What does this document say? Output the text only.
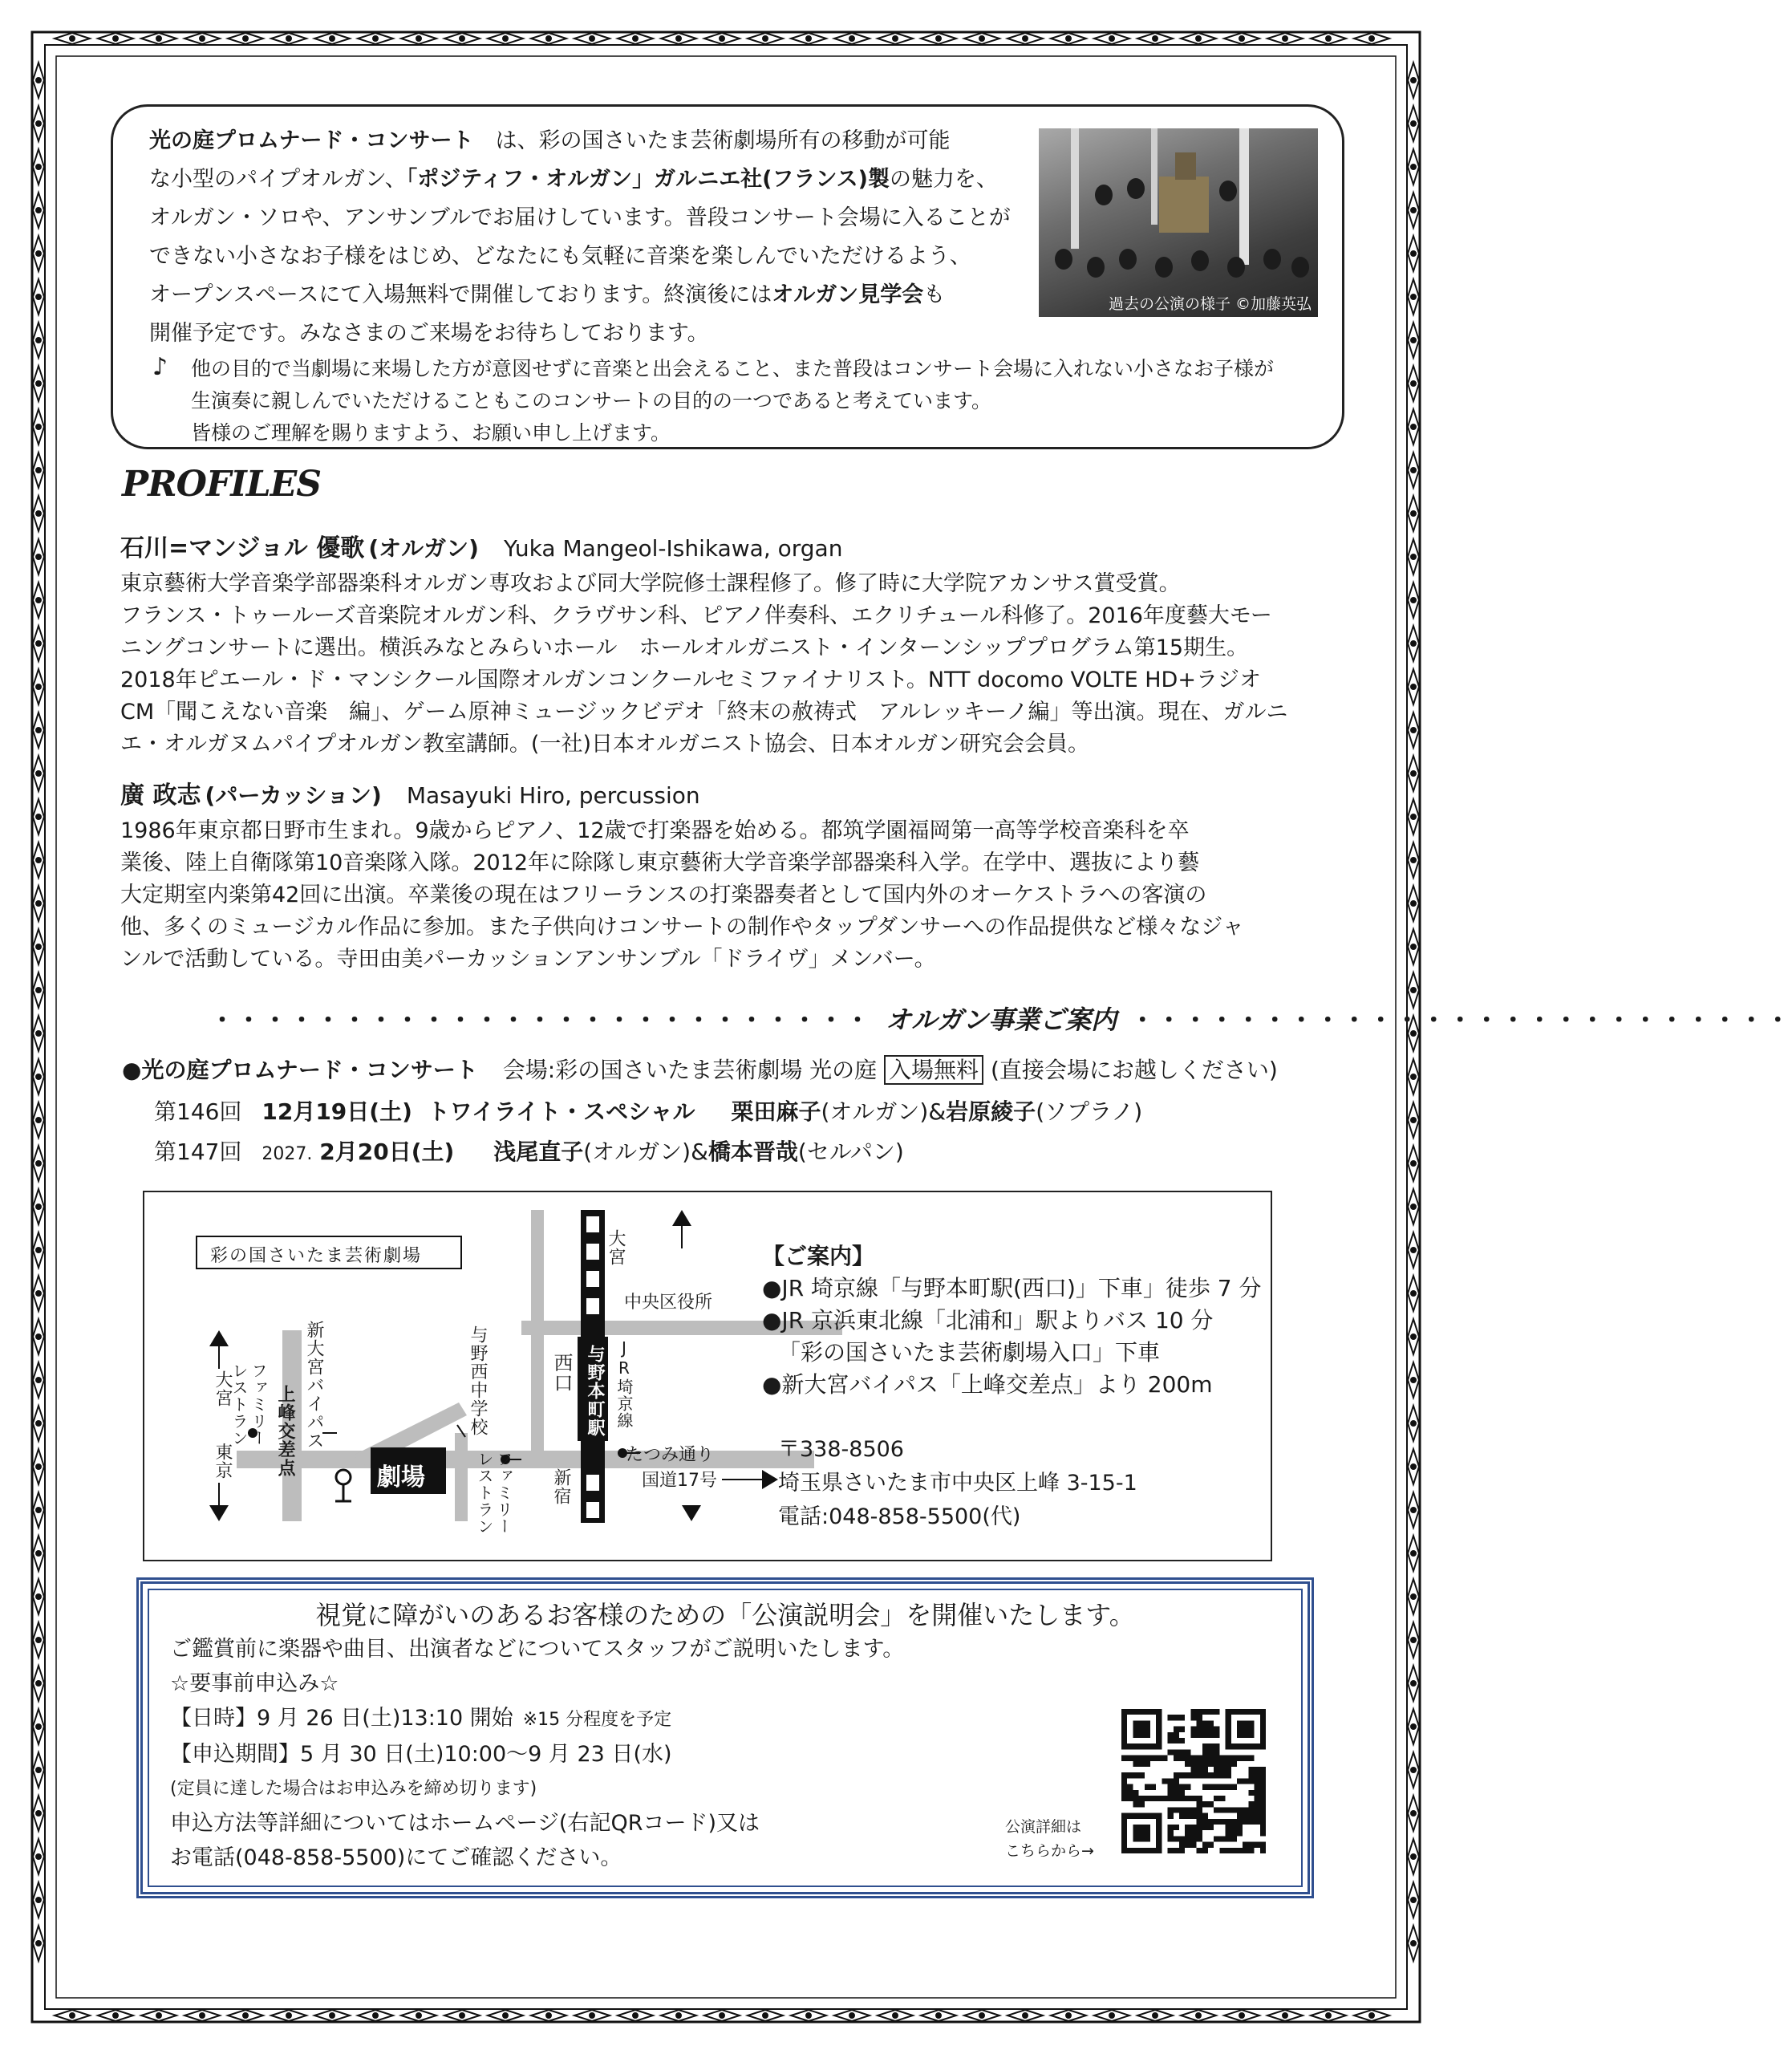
光の庭プロムナード・コンサート　は、彩の国さいたま芸術劇場所有の移動が可能
な小型のパイプオルガン、「ポジティフ・オルガン」ガルニエ社(フランス)製の魅力を、
オルガン・ソロや、アンサンブルでお届けしています。普段コンサート会場に入ることが
できない小さなお子様をはじめ、どなたにも気軽に音楽を楽しんでいただけるよう、
オープンスペースにて入場無料で開催しております。終演後にはオルガン見学会も
開催予定です。みなさまのご来場をお待ちしております。
過去の公演の様子 ©加藤英弘
♪ 他の目的で当劇場に来場した方が意図せずに音楽と出会えること、また普段はコンサート会場に入れない小さなお子様が
生演奏に親しんでいただけることもこのコンサートの目的の一つであると考えています。
皆様のご理解を賜りますよう、お願い申し上げます。
PROFILES
石川=マンジョル 優歌 (オルガン) Yuka Mangeol-Ishikawa, organ
東京藝術大学音楽学部器楽科オルガン専攻および同大学院修士課程修了。修了時に大学院アカンサス賞受賞。
フランス・トゥールーズ音楽院オルガン科、クラヴサン科、ピアノ伴奏科、エクリチュール科修了。2016年度藝大モー
ニングコンサートに選出。横浜みなとみらいホール　ホールオルガニスト・インターンシッププログラム第15期生。
2018年ピエール・ド・マンシクール国際オルガンコンクールセミファイナリスト。NTT docomo VOLTE HD+ラジオ
CM「聞こえない音楽　編」、ゲーム原神ミュージックビデオ「終末の赦祷式　アルレッキーノ編」等出演。現在、ガルニ
エ・オルガヌムパイプオルガン教室講師。(一社)日本オルガニスト協会、日本オルガン研究会会員。
廣 政志 (パーカッション) Masayuki Hiro, percussion
1986年東京都日野市生まれ。9歳からピアノ、12歳で打楽器を始める。都筑学園福岡第一高等学校音楽科を卒
業後、陸上自衛隊第10音楽隊入隊。2012年に除隊し東京藝術大学音楽学部器楽科入学。在学中、選抜により藝
大定期室内楽第42回に出演。卒業後の現在はフリーランスの打楽器奏者として国内外のオーケストラへの客演の
他、多くのミュージカル作品に参加。また子供向けコンサートの制作やタップダンサーへの作品提供など様々なジャ
ンルで活動している。寺田由美パーカッションアンサンブル「ドライヴ」メンバー。
・・・・・・・・・・・・・・・・・・・・・・・・・ オルガン事業ご案内 ・・・・・・・・・・・・・・・・・・・・・・・・・
●光の庭プロムナード・コンサート 会場:彩の国さいたま芸術劇場 光の庭 入場無料 (直接会場にお越しください)
第146回 12月19日(土) トワイライト・スペシャル 栗田麻子(オルガン)&岩原綾子(ソプラノ)
第147回 2027. 2月20日(土) 浅尾直子(オルガン)&橋本晋哉(セルパン)
彩の国さいたま芸術劇場
劇場
大宮
東京
ファミリー
レストラン	新大宮バイパス
上峰交差点	与野西中学校	西口 与野本町駅 JR埼京線
大宮
中央区役所
たつみ通り
国道17号
ファミリー
レストラン	新宿
【ご案内】
●JR 埼京線「与野本町駅(西口)」下車」徒歩 7 分
●JR 京浜東北線「北浦和」駅よりバス 10 分
「彩の国さいたま芸術劇場入口」下車
●新大宮バイパス「上峰交差点」より 200m
〒338-8506
埼玉県さいたま市中央区上峰 3-15-1
電話:048-858-5500(代)
視覚に障がいのあるお客様のための「公演説明会」を開催いたします。
ご鑑賞前に楽器や曲目、出演者などについてスタッフがご説明いたします。
☆要事前申込み☆
【日時】9 月 26 日(土)13:10 開始 ※15 分程度を予定
【申込期間】5 月 30 日(土)10:00～9 月 23 日(水)
(定員に達した場合はお申込みを締め切ります)
申込方法等詳細についてはホームページ(右記QRコード)又は
お電話(048-858-5500)にてご確認ください。
公演詳細は
こちらから→
